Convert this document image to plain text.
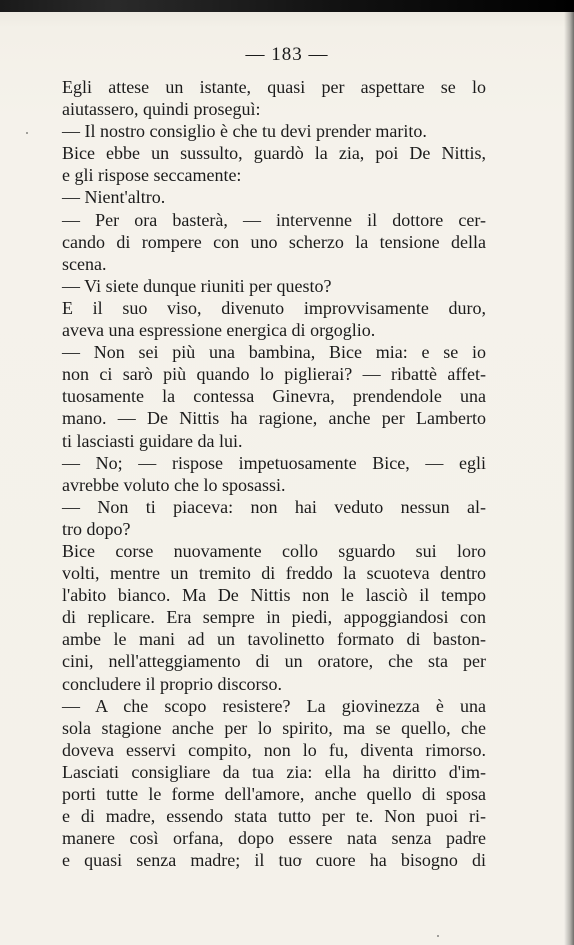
— 183 —

Egli attese un istante, quasi per aspettare se lo

aiutassero, quindi proseguì:

— Il nostro consiglio è che tu devi prender marito.

Bice ebbe un sussulto, guardò la zia, poi De Nittis,

e gli rispose seccamente:

— Nient'altro.

— Per ora basterà, — intervenne il dottore cer-

cando di rompere con uno scherzo la tensione della

scena.

— Vi siete dunque riuniti per questo?

E il suo viso, divenuto improvvisamente duro,

aveva una espressione energica di orgoglio.

— Non sei più una bambina, Bice mia: e se io

non ci sarò più quando lo piglierai? — ribattè affet-

tuosamente la contessa Ginevra, prendendole una

mano. — De Nittis ha ragione, anche per Lamberto

ti lasciasti guidare da lui.

— No; — rispose impetuosamente Bice, — egli

avrebbe voluto che lo sposassi.

— Non ti piaceva: non hai veduto nessun al-

tro dopo?

Bice corse nuovamente collo sguardo sui loro

volti, mentre un tremito di freddo la scuoteva dentro

l'abito bianco. Ma De Nittis non le lasciò il tempo

di replicare. Era sempre in piedi, appoggiandosi con

ambe le mani ad un tavolinetto formato di baston-

cini, nell'atteggiamento di un oratore, che sta per

concludere il proprio discorso.

— A che scopo resistere? La giovinezza è una

sola stagione anche per lo spirito, ma se quello, che

doveva esservi compito, non lo fu, diventa rimorso.

Lasciati consigliare da tua zia: ella ha diritto d'im-

porti tutte le forme dell'amore, anche quello di sposa

e di madre, essendo stata tutto per te. Non puoi ri-

manere così orfana, dopo essere nata senza padre

e quasi senza madre; il tuo cuore ha bisogno di
